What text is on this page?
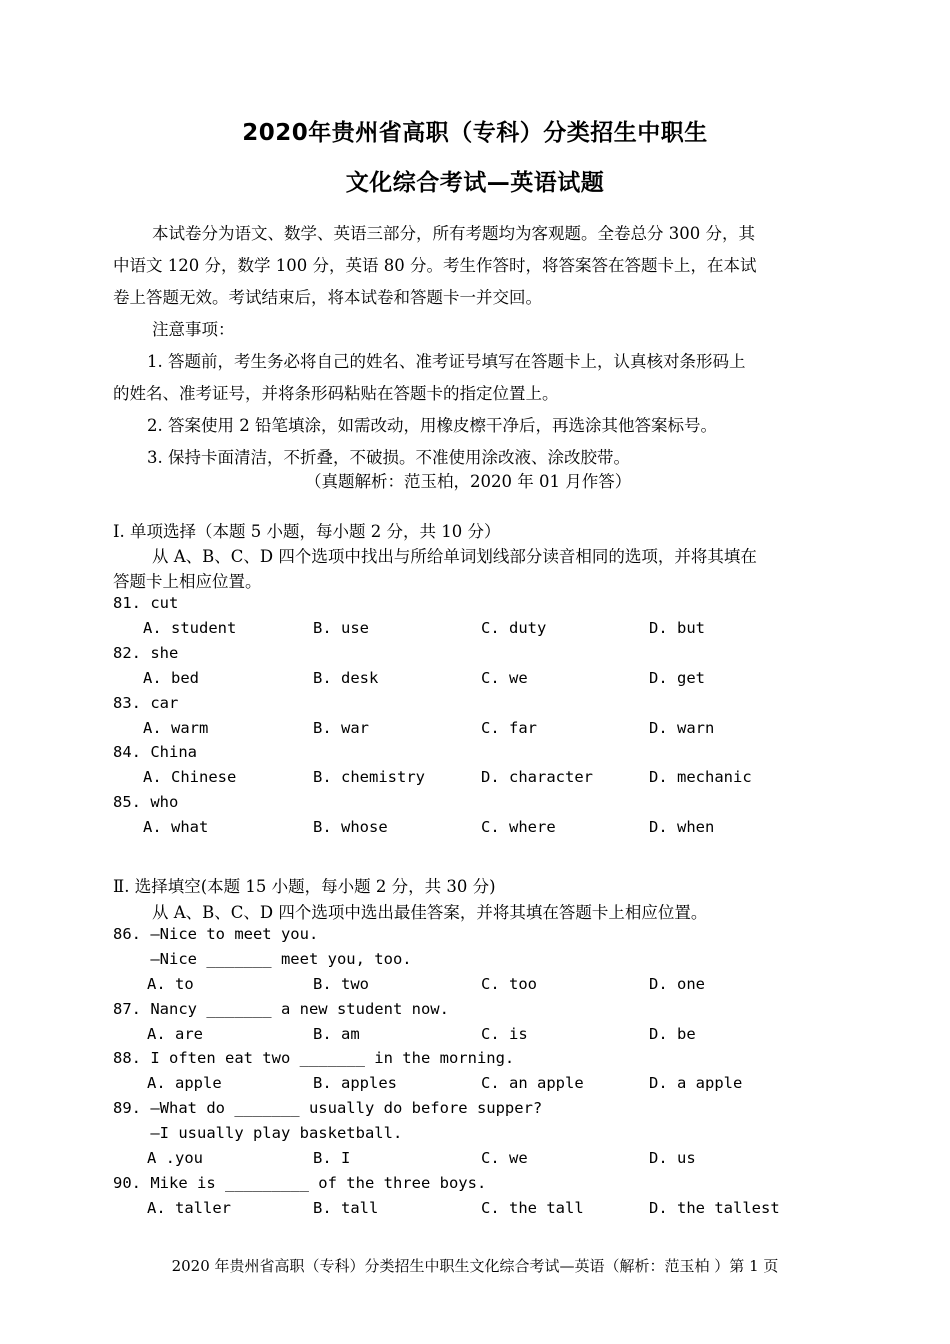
2020年贵州省高职（专科）分类招生中职生
文化综合考试—英语试题
本试卷分为语文、数学、英语三部分，所有考题均为客观题。全卷总分 300 分，其
中语文 120 分，数学 100 分，英语 80 分。考生作答时，将答案答在答题卡上，在本试
卷上答题无效。考试结束后，将本试卷和答题卡一并交回。
注意事项：
1. 答题前，考生务必将自己的姓名、准考证号填写在答题卡上，认真核对条形码上
的姓名、准考证号，并将条形码粘贴在答题卡的指定位置上。
2. 答案使用 2 铅笔填涂，如需改动，用橡皮檫干净后，再选涂其他答案标号。
3. 保持卡面清洁，不折叠，不破损。不准使用涂改液、涂改胶带。
（真题解析：范玉柏，2020 年 01 月作答）
Ⅰ. 单项选择（本题 5 小题，每小题 2 分，共 10 分）
从 A、B、C、D 四个选项中找出与所给单词划线部分读音相同的选项，并将其填在
答题卡上相应位置。
81. cut
A. student	B. use	C. duty	D. but
82. she
A. bed	B. desk	C. we	D. get
83. car
A. warm	B. war	C. far	D. warn
84. China
A. Chinese	B. chemistry	D. character	D. mechanic
85. who
A. what	B. whose	C. where	D. when
Ⅱ. 选择填空(本题 15 小题，每小题 2 分，共 30 分)
从 A、B、C、D 四个选项中选出最佳答案，并将其填在答题卡上相应位置。
86. —Nice to meet you.
—Nice _______ meet you, too.
A. to	B. two	C. too	D. one
87. Nancy _______ a new student now.
A. are	B. am	C. is	D. be
88. I often eat two _______ in the morning.
A. apple	B. apples	C. an apple	D. a apple
89. —What do _______ usually do before supper?
—I usually play basketball.
A .you	B. I	C. we	D. us
90. Mike is _________ of the three boys.
A. taller	B. tall	C. the tall	D. the tallest
2020 年贵州省高职（专科）分类招生中职生文化综合考试—英语（解析：范玉柏 ）第 1 页
